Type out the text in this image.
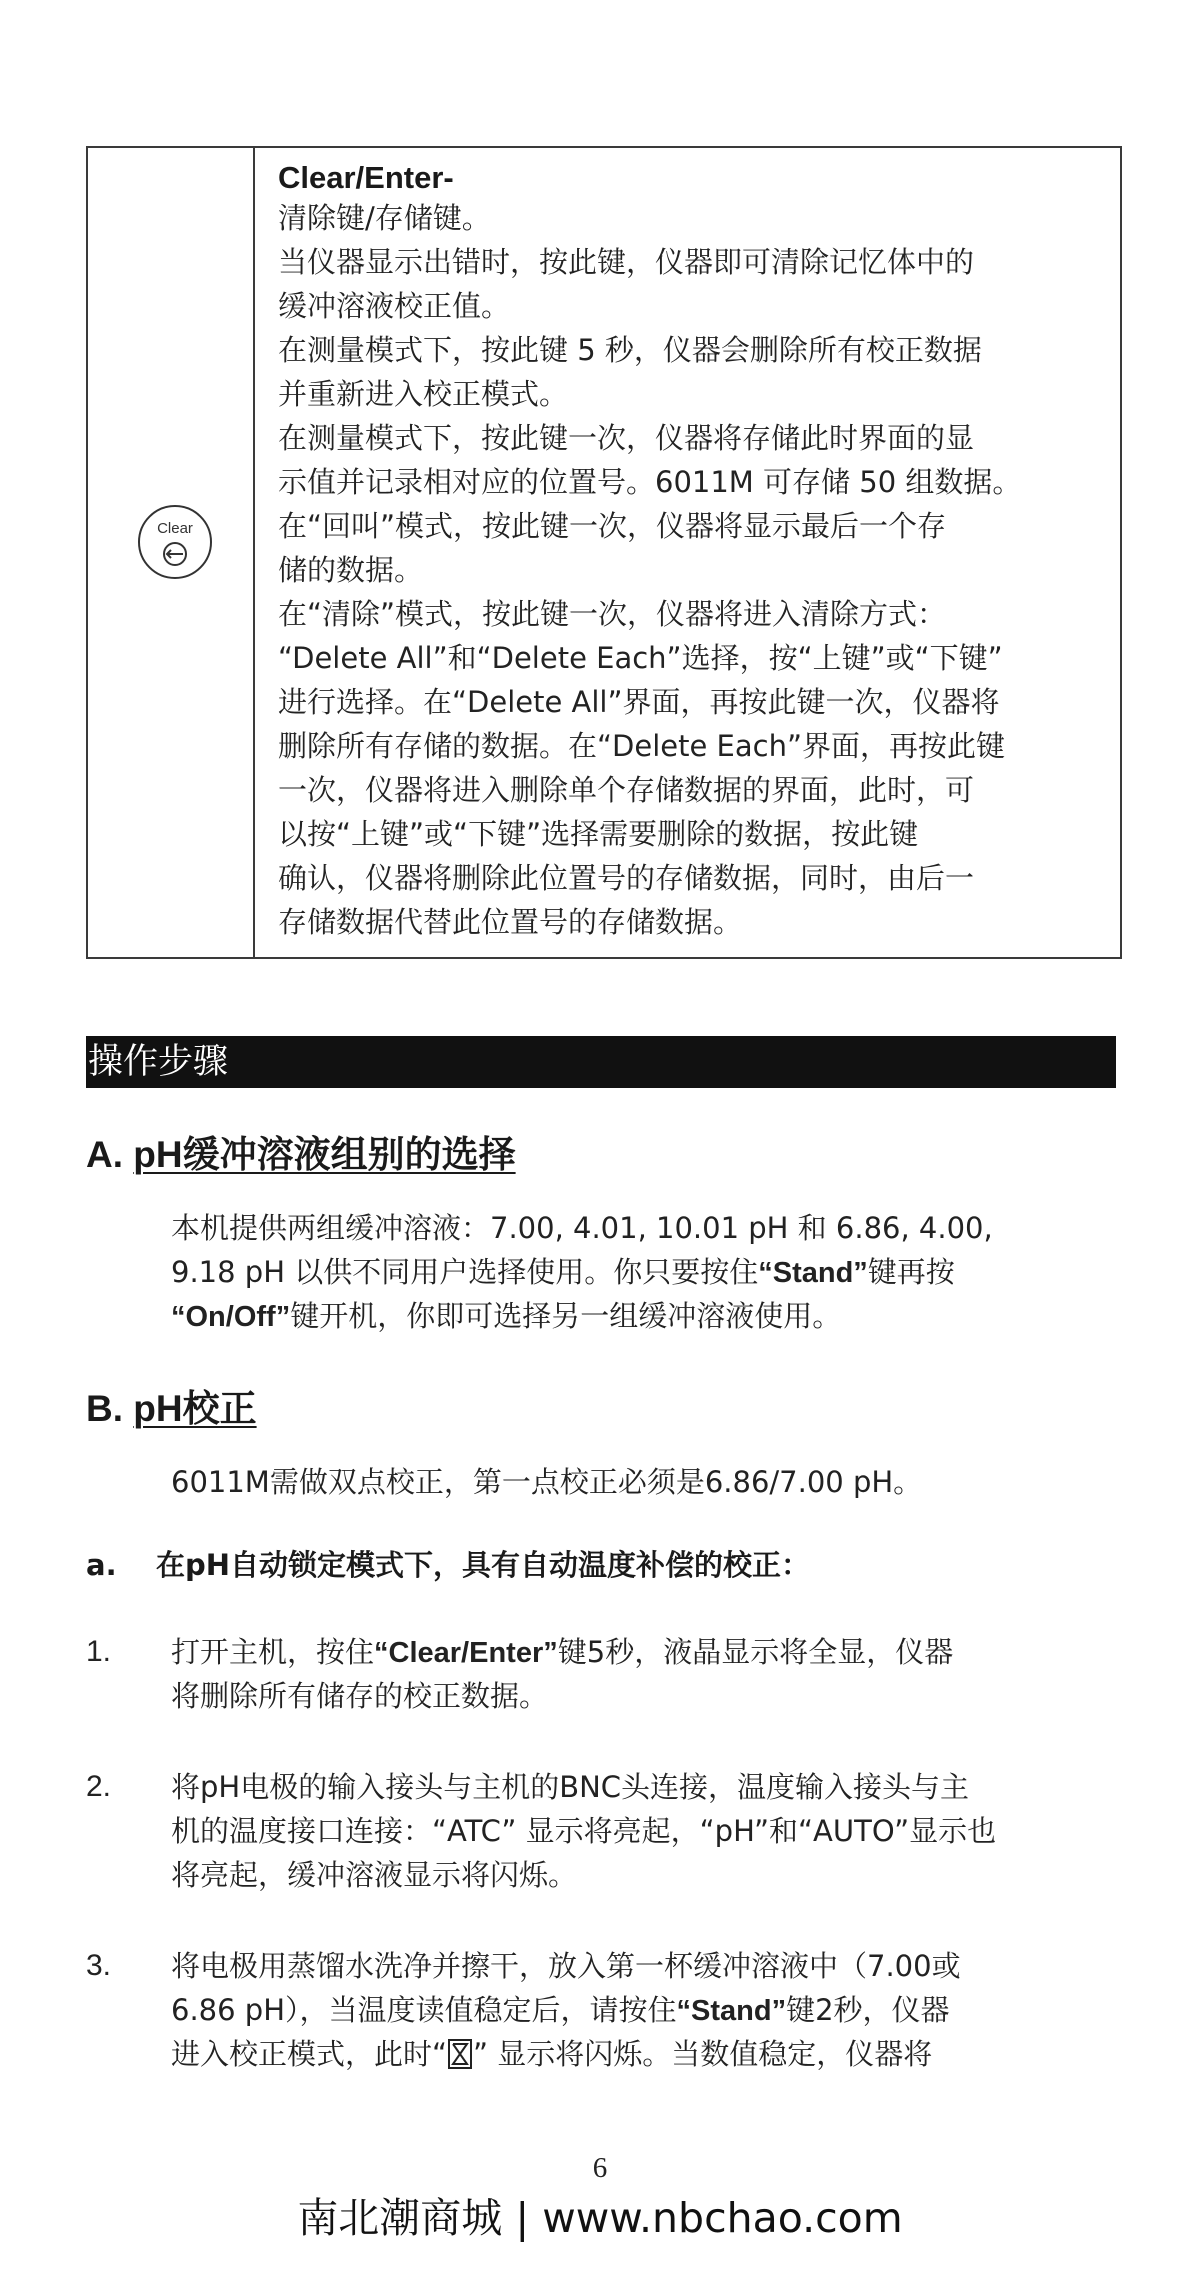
Clear

Clear/Enter-

清除键/存储键。

当仪器显示出错时，按此键，仪器即可清除记忆体中的

缓冲溶液校正值。

在测量模式下，按此键 5 秒，仪器会删除所有校正数据

并重新进入校正模式。

在测量模式下，按此键一次，仪器将存储此时界面的显

示值并记录相对应的位置号。6011M 可存储 50 组数据。

在“回叫”模式，按此键一次，仪器将显示最后一个存

储的数据。

在“清除”模式，按此键一次，仪器将进入清除方式：

“Delete All”和“Delete Each”选择，按“上键”或“下键”

进行选择。在“Delete All”界面，再按此键一次，仪器将

删除所有存储的数据。在“Delete Each”界面，再按此键

一次，仪器将进入删除单个存储数据的界面，此时，可

以按“上键”或“下键”选择需要删除的数据，按此键

确认，仪器将删除此位置号的存储数据，同时，由后一

存储数据代替此位置号的存储数据。

操作步骤
A. pH缓冲溶液组别的选择
本机提供两组缓冲溶液：7.00, 4.01, 10.01 pH 和 6.86, 4.00,
9.18 pH 以供不同用户选择使用。你只要按住“Stand”键再按
“On/Off”键开机，你即可选择另一组缓冲溶液使用。
B. pH校正
6011M需做双点校正，第一点校正必须是6.86/7.00 pH。
a. 在pH自动锁定模式下，具有自动温度补偿的校正：
1. 打开主机，按住“Clear/Enter”键5秒，液晶显示将全显，仪器
将删除所有储存的校正数据。
2. 将pH电极的输入接头与主机的BNC头连接，温度输入接头与主
机的温度接口连接：“ATC” 显示将亮起，“pH”和“AUTO”显示也
将亮起，缓冲溶液显示将闪烁。
3. 将电极用蒸馏水洗净并擦干，放入第一杯缓冲溶液中（7.00或
6.86 pH），当温度读值稳定后，请按住“Stand”键2秒，仪器
进入校正模式，此时“ ” 显示将闪烁。当数值稳定，仪器将
6
南北潮商城 | www.nbchao.com
